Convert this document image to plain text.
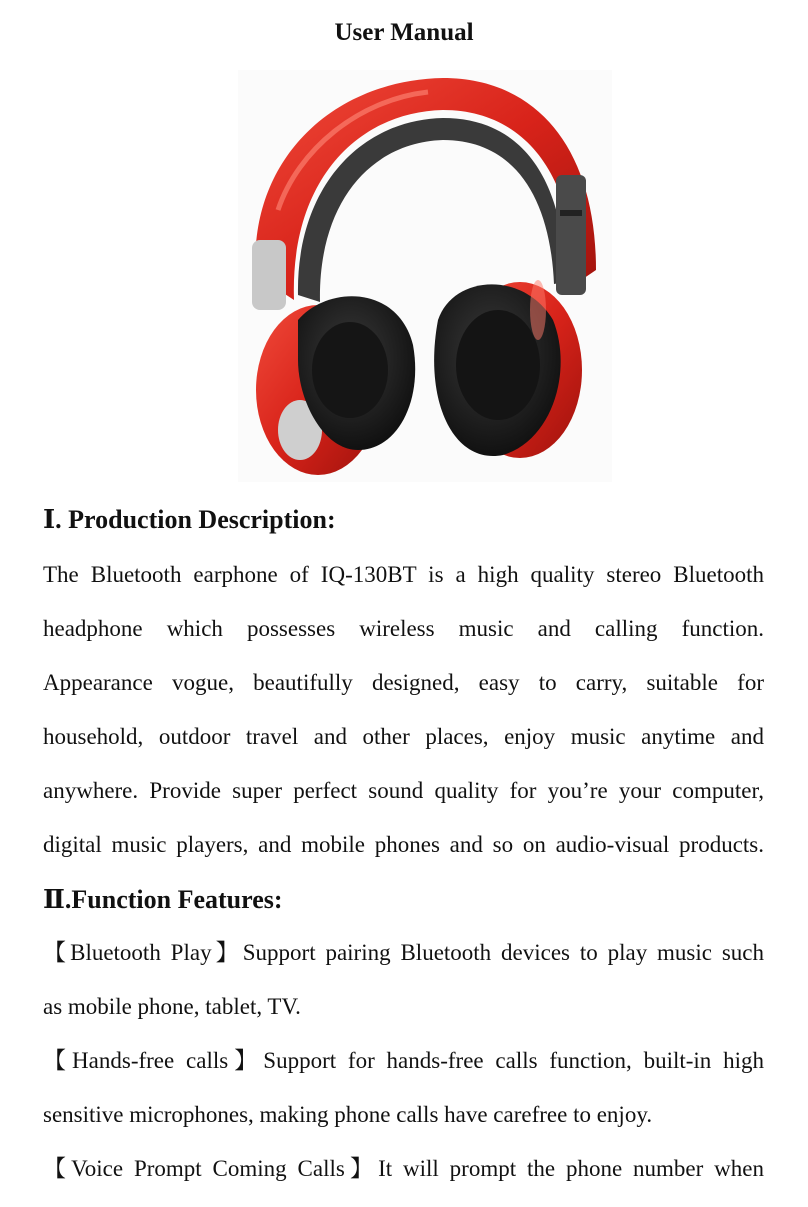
User Manual
Ⅰ. Production Description:
The Bluetooth earphone of IQ-130BT is a high quality stereo Bluetooth
headphone which possesses wireless music and calling function.
Appearance vogue, beautifully designed, easy to carry, suitable for
household, outdoor travel and other places, enjoy music anytime and
anywhere. Provide super perfect sound quality for you’re your computer,
digital music players, and mobile phones and so on audio-visual products.
Ⅱ.Function Features:
【Bluetooth Play】Support pairing Bluetooth devices to play music such
as mobile phone, tablet, TV.
【Hands-free calls】Support for hands-free calls function, built-in high
sensitive microphones, making phone calls have carefree to enjoy.
【Voice Prompt Coming Calls】It will prompt the phone number when
